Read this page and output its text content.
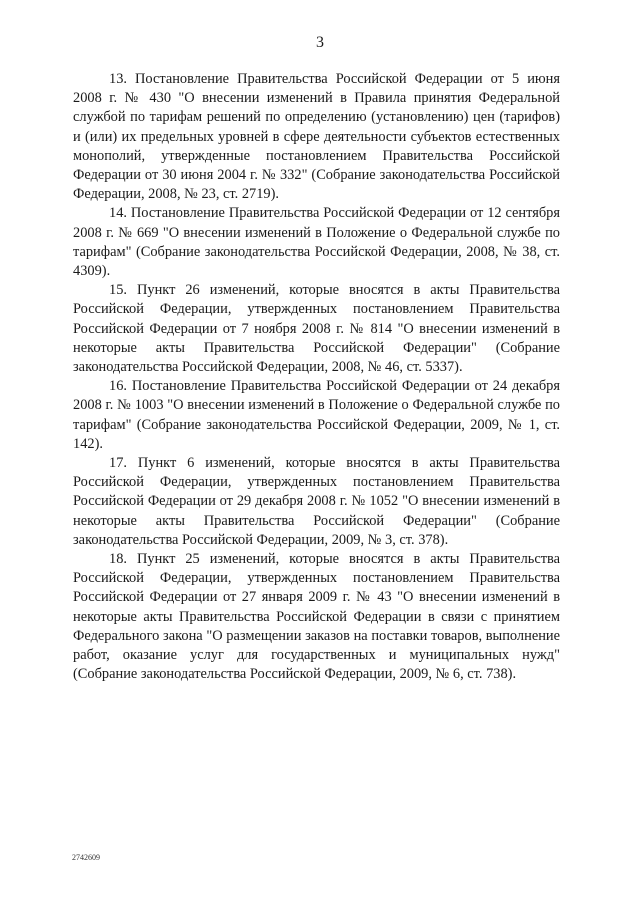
3

13. Постановление Правительства Российской Федерации от 5 июня 2008 г. № 430 "О внесении изменений в Правила принятия Федеральной службой по тарифам решений по определению (установлению) цен (тарифов) и (или) их предельных уровней в сфере деятельности субъектов естественных монополий, утвержденные постановлением Правительства Российской Федерации от 30 июня 2004 г. № 332" (Собрание законодательства Российской Федерации, 2008, № 23, ст. 2719).

14. Постановление Правительства Российской Федерации от 12 сентября 2008 г. № 669 "О внесении изменений в Положение о Федеральной службе по тарифам" (Собрание законодательства Российской Федерации, 2008, № 38, ст. 4309).

15. Пункт 26 изменений, которые вносятся в акты Правительства Российской Федерации, утвержденных постановлением Правительства Российской Федерации от 7 ноября 2008 г. № 814 "О внесении изменений в некоторые акты Правительства Российской Федерации" (Собрание законодательства Российской Федерации, 2008, № 46, ст. 5337).

16. Постановление Правительства Российской Федерации от 24 декабря 2008 г. № 1003 "О внесении изменений в Положение о Федеральной службе по тарифам" (Собрание законодательства Российской Федерации, 2009, № 1, ст. 142).

17. Пункт 6 изменений, которые вносятся в акты Правительства Российской Федерации, утвержденных постановлением Правительства Российской Федерации от 29 декабря 2008 г. № 1052 "О внесении изменений в некоторые акты Правительства Российской Федерации" (Собрание законодательства Российской Федерации, 2009, № 3, ст. 378).

18. Пункт 25 изменений, которые вносятся в акты Правительства Российской Федерации, утвержденных постановлением Правительства Российской Федерации от 27 января 2009 г. № 43 "О внесении изменений в некоторые акты Правительства Российской Федерации в связи с принятием Федерального закона "О размещении заказов на поставки товаров, выполнение работ, оказание услуг для государственных и муниципальных нужд" (Собрание законодательства Российской Федерации, 2009, № 6, ст. 738).

2742609
